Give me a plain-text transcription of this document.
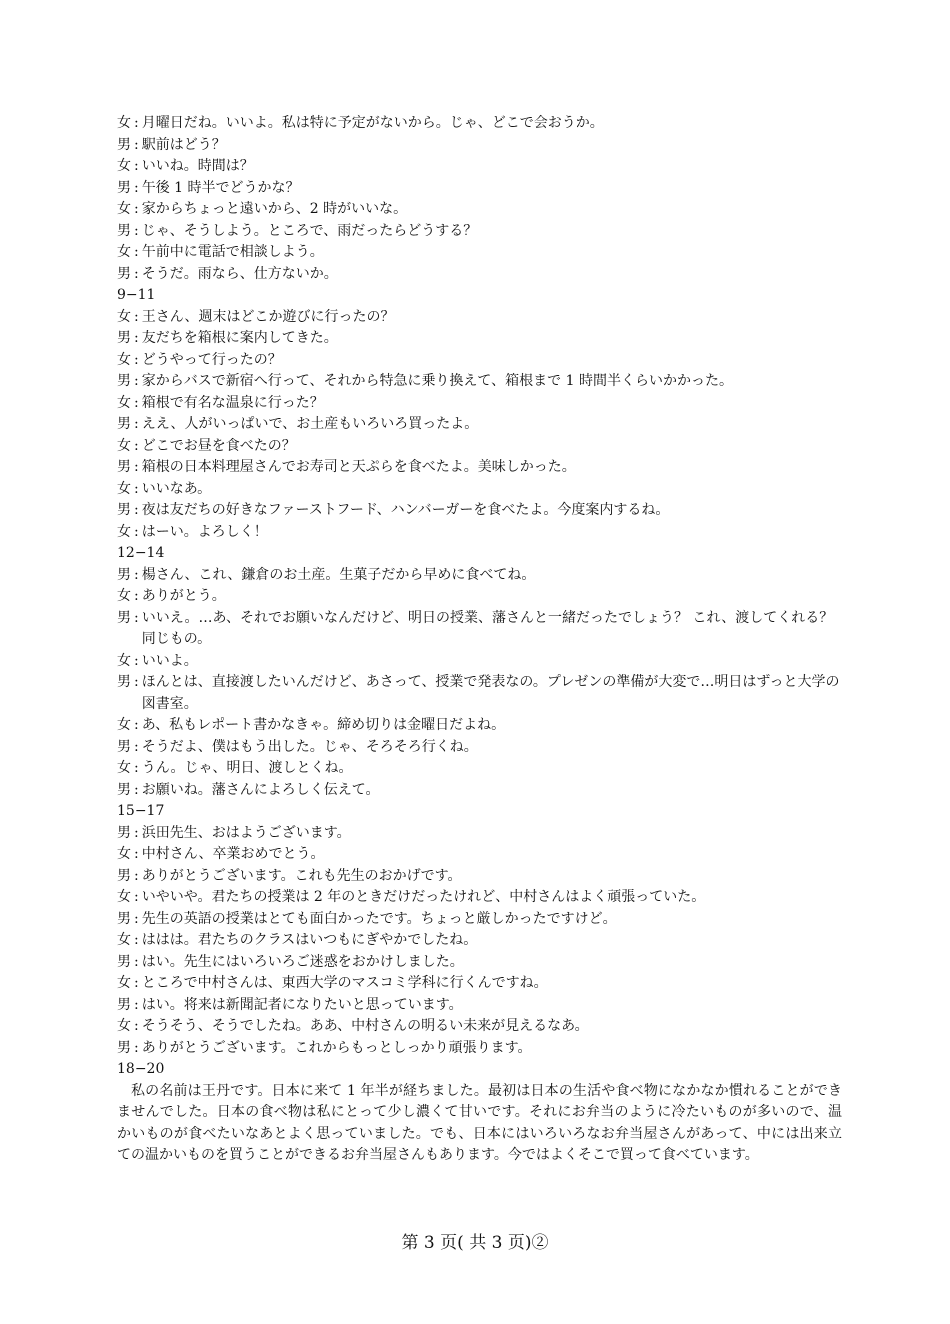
女 : 月曜日だね。いいよ。私は特に予定がないから。じゃ、どこで会おうか。
男 : 駅前はどう？
女 : いいね。時間は？
男 : 午後 1 時半でどうかな？
女 : 家からちょっと遠いから、2 時がいいな。
男 : じゃ、そうしよう。ところで、雨だったらどうする？
女 : 午前中に電話で相談しよう。
男 : そうだ。雨なら、仕方ないか。
9−11
女 : 王さん、週末はどこか遊びに行ったの？
男 : 友だちを箱根に案内してきた。
女 : どうやって行ったの？
男 : 家からバスで新宿へ行って、それから特急に乗り換えて、箱根まで 1 時間半くらいかかった。
女 : 箱根で有名な温泉に行った？
男 : ええ、人がいっぱいで、お土産もいろいろ買ったよ。
女 : どこでお昼を食べたの？
男 : 箱根の日本料理屋さんでお寿司と天ぷらを食べたよ。美味しかった。
女 : いいなあ。
男 : 夜は友だちの好きなファーストフード、ハンバーガーを食べたよ。今度案内するね。
女 : はーい。よろしく！
12−14
男 : 楊さん、これ、鎌倉のお土産。生菓子だから早めに食べてね。
女 : ありがとう。
男 : いいえ。…あ、それでお願いなんだけど、明日の授業、藩さんと一緒だったでしょう？ これ、渡してくれる？ 同じもの。
女 : いいよ。
男 : ほんとは、直接渡したいんだけど、あさって、授業で発表なの。プレゼンの準備が大変で…明日はずっと大学の図書室。
女 : あ、私もレポート書かなきゃ。締め切りは金曜日だよね。
男 : そうだよ、僕はもう出した。じゃ、そろそろ行くね。
女 : うん。じゃ、明日、渡しとくね。
男 : お願いね。藩さんによろしく伝えて。
15−17
男 : 浜田先生、おはようございます。
女 : 中村さん、卒業おめでとう。
男 : ありがとうございます。これも先生のおかげです。
女 : いやいや。君たちの授業は 2 年のときだけだったけれど、中村さんはよく頑張っていた。
男 : 先生の英語の授業はとても面白かったです。ちょっと厳しかったですけど。
女 : ははは。君たちのクラスはいつもにぎやかでしたね。
男 : はい。先生にはいろいろご迷惑をおかけしました。
女 : ところで中村さんは、東西大学のマスコミ学科に行くんですね。
男 : はい。将来は新聞記者になりたいと思っています。
女 : そうそう、そうでしたね。ああ、中村さんの明るい未来が見えるなあ。
男 : ありがとうございます。これからもっとしっかり頑張ります。
18−20
私の名前は王丹です。日本に来て 1 年半が経ちました。最初は日本の生活や食べ物になかなか慣れることができませんでした。日本の食べ物は私にとって少し濃くて甘いです。それにお弁当のように冷たいものが多いので、温かいものが食べたいなあとよく思っていました。でも、日本にはいろいろなお弁当屋さんがあって、中には出来立ての温かいものを買うことができるお弁当屋さんもあります。今ではよくそこで買って食べています。
第 3 页( 共 3 页)②
